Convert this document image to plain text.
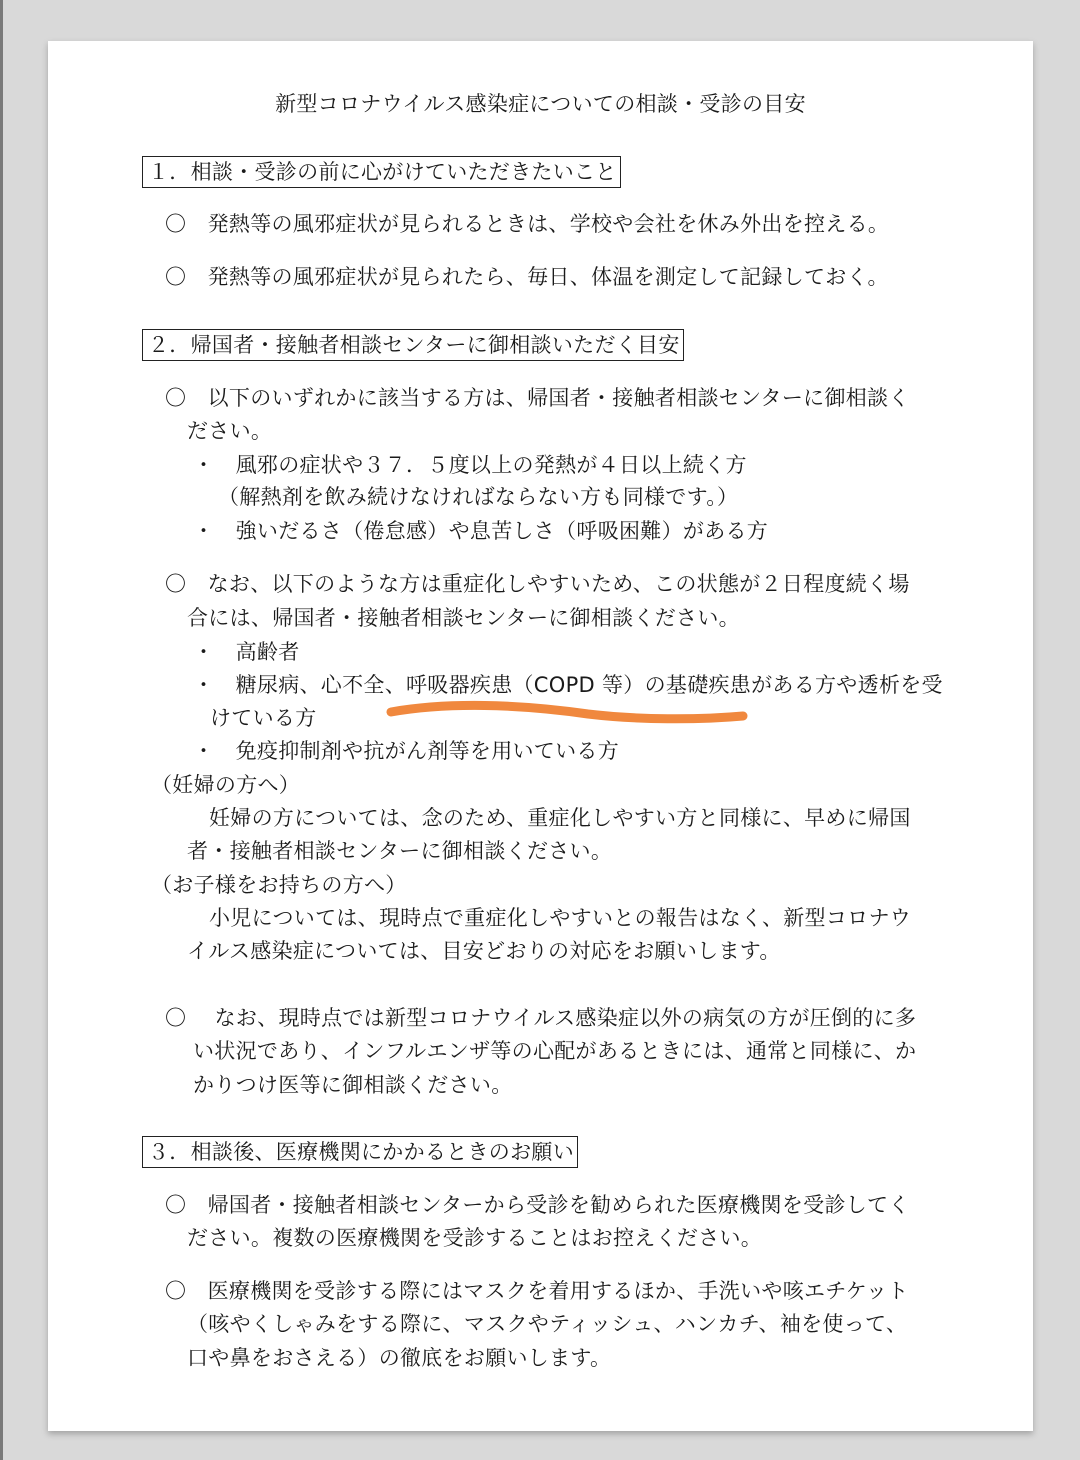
新型コロナウイルス感染症についての相談・受診の目安
１．相談・受診の前に心がけていただきたいこと
〇　発熱等の風邪症状が見られるときは、学校や会社を休み外出を控える。
〇　発熱等の風邪症状が見られたら、毎日、体温を測定して記録しておく。
２．帰国者・接触者相談センターに御相談いただく目安
〇　以下のいずれかに該当する方は、帰国者・接触者相談センターに御相談く
ださい。
・　風邪の症状や３７．５度以上の発熱が４日以上続く方
（解熱剤を飲み続けなければならない方も同様です。）
・　強いだるさ（倦怠感）や息苦しさ（呼吸困難）がある方
〇　なお、以下のような方は重症化しやすいため、この状態が２日程度続く場
合には、帰国者・接触者相談センターに御相談ください。
・　高齢者
・　糖尿病、心不全、呼吸器疾患（COPD 等）の基礎疾患がある方や透析を受
けている方
・　免疫抑制剤や抗がん剤等を用いている方
（妊婦の方へ）
妊婦の方については、念のため、重症化しやすい方と同様に、早めに帰国
者・接触者相談センターに御相談ください。
（お子様をお持ちの方へ）
小児については、現時点で重症化しやすいとの報告はなく、新型コロナウ
イルス感染症については、目安どおりの対応をお願いします。
〇　 なお、現時点では新型コロナウイルス感染症以外の病気の方が圧倒的に多
い状況であり、インフルエンザ等の心配があるときには、通常と同様に、か
かりつけ医等に御相談ください。
３．相談後、医療機関にかかるときのお願い
〇　帰国者・接触者相談センターから受診を勧められた医療機関を受診してく
ださい。複数の医療機関を受診することはお控えください。
〇　医療機関を受診する際にはマスクを着用するほか、手洗いや咳エチケット
（咳やくしゃみをする際に、マスクやティッシュ、ハンカチ、袖を使って、
口や鼻をおさえる）の徹底をお願いします。
